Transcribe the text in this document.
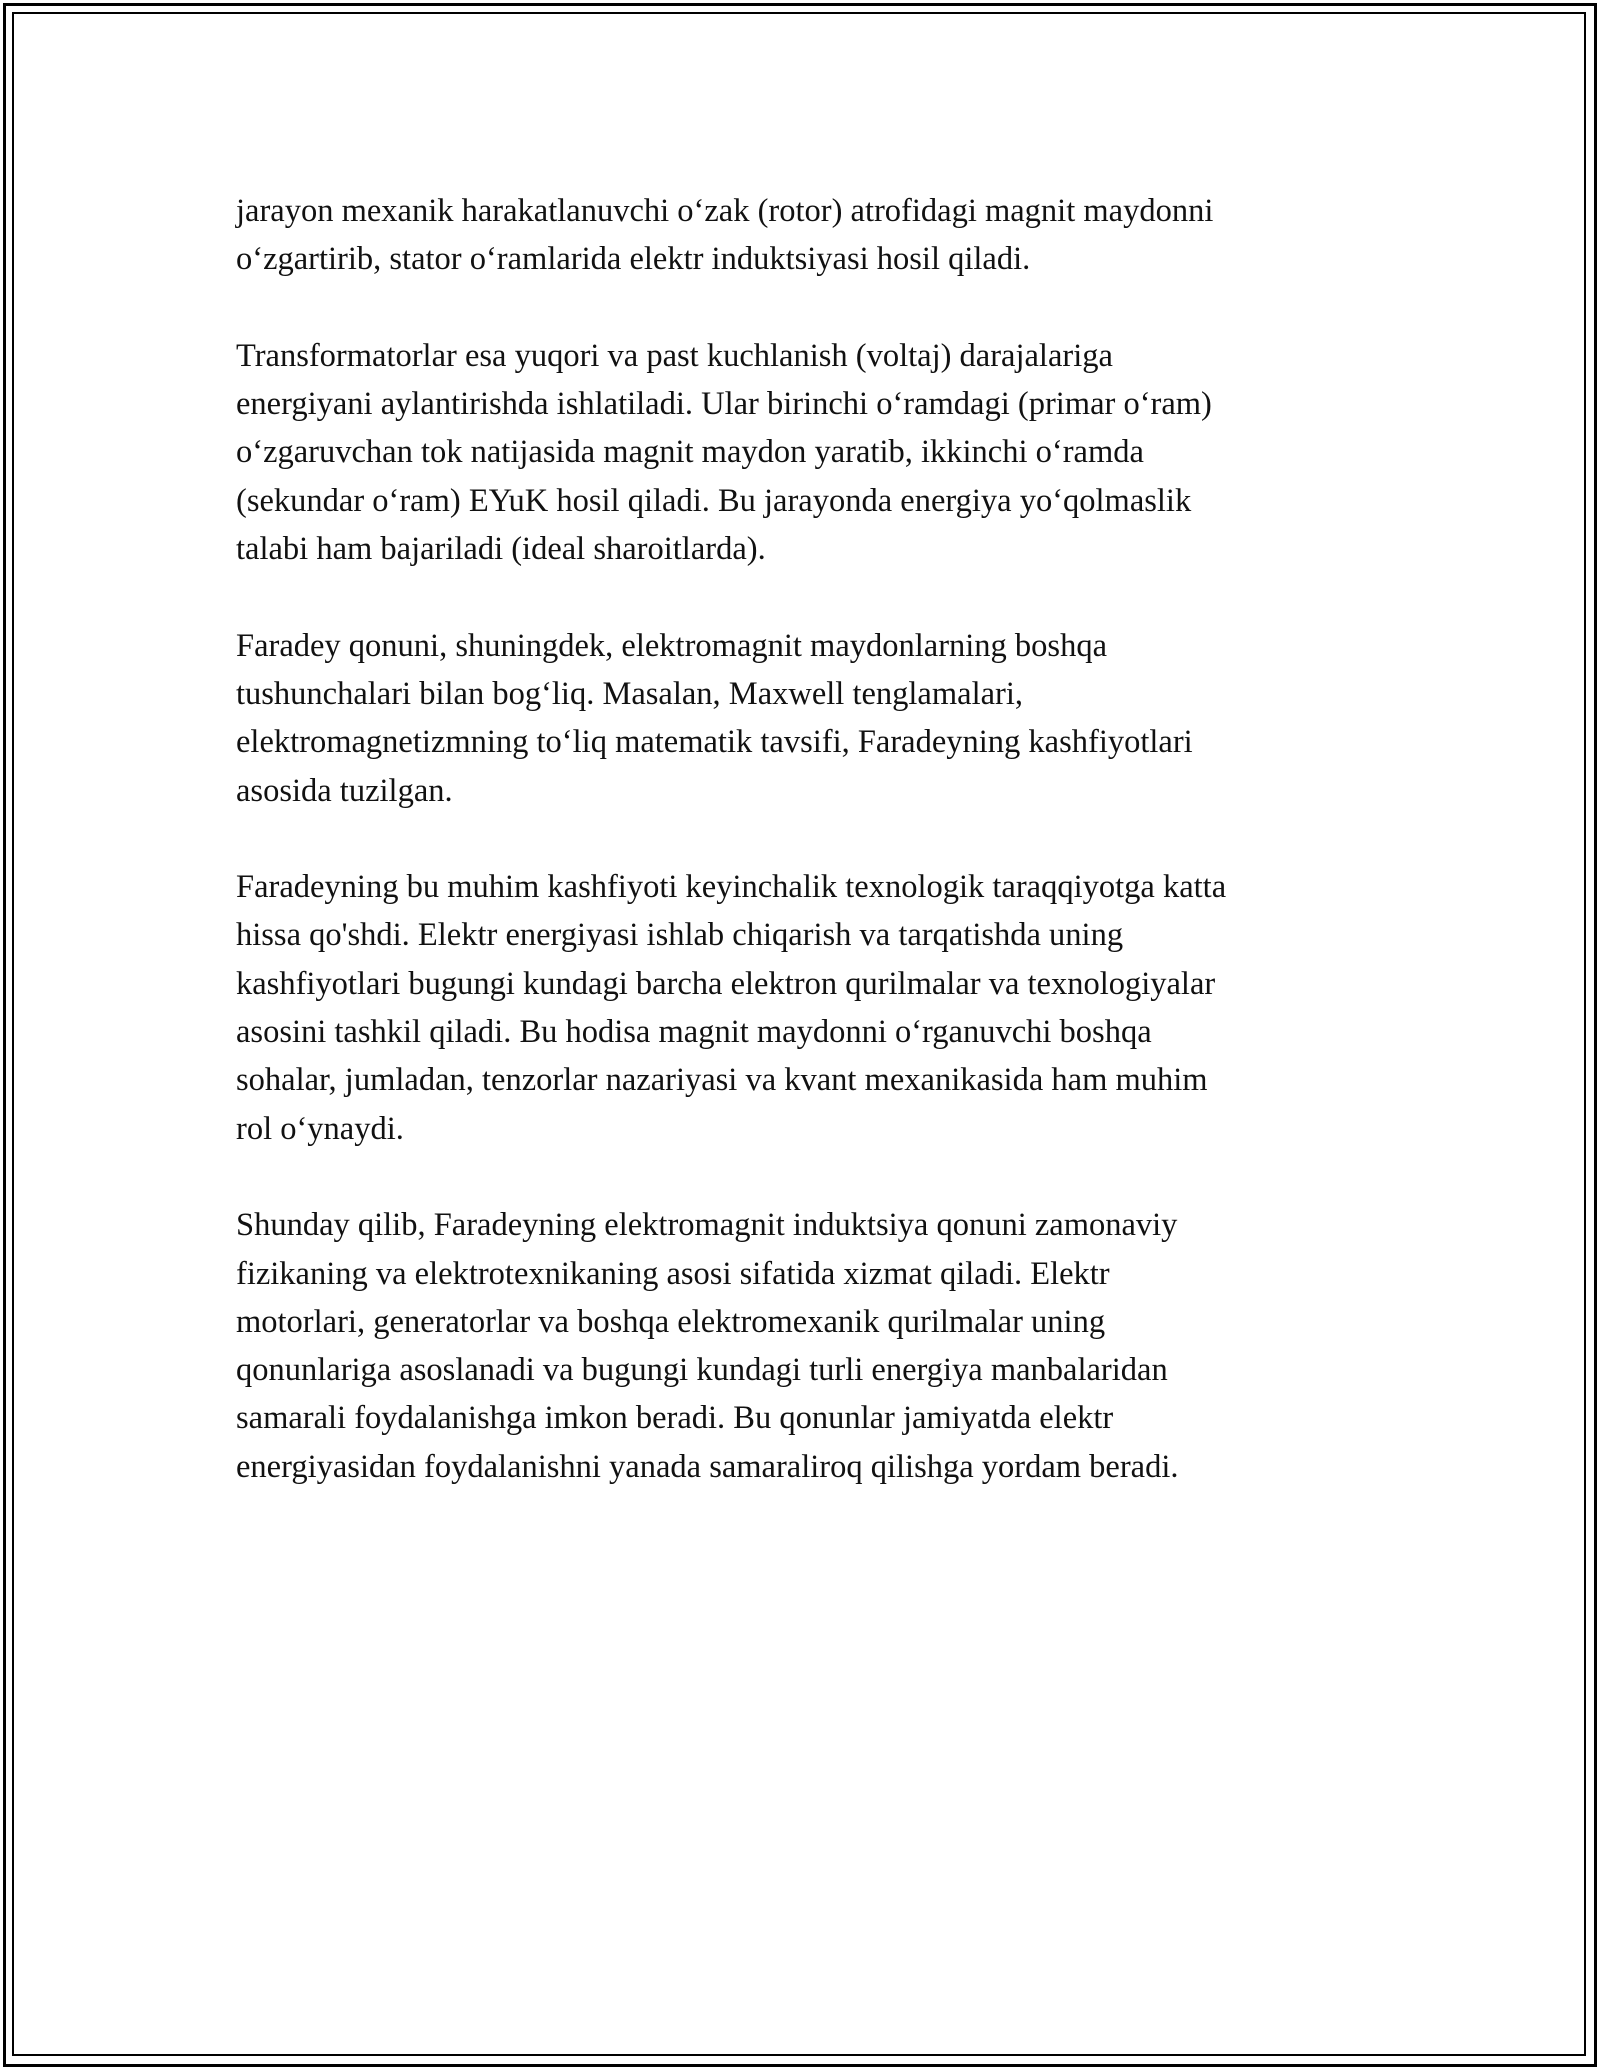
jarayon mexanik harakatlanuvchi o‘zak (rotor) atrofidagi magnit maydonni
o‘zgartirib, stator o‘ramlarida elektr induktsiyasi hosil qiladi.

Transformatorlar esa yuqori va past kuchlanish (voltaj) darajalariga
energiyani aylantirishda ishlatiladi. Ular birinchi o‘ramdagi (primar o‘ram)
o‘zgaruvchan tok natijasida magnit maydon yaratib, ikkinchi o‘ramda
(sekundar o‘ram) EYuK hosil qiladi. Bu jarayonda energiya yo‘qolmaslik
talabi ham bajariladi (ideal sharoitlarda).

Faradey qonuni, shuningdek, elektromagnit maydonlarning boshqa
tushunchalari bilan bog‘liq. Masalan, Maxwell tenglamalari,
elektromagnetizmning to‘liq matematik tavsifi, Faradeyning kashfiyotlari
asosida tuzilgan.

Faradeyning bu muhim kashfiyoti keyinchalik texnologik taraqqiyotga katta
hissa qo'shdi. Elektr energiyasi ishlab chiqarish va tarqatishda uning
kashfiyotlari bugungi kundagi barcha elektron qurilmalar va texnologiyalar
asosini tashkil qiladi. Bu hodisa magnit maydonni o‘rganuvchi boshqa
sohalar, jumladan, tenzorlar nazariyasi va kvant mexanikasida ham muhim
rol o‘ynaydi.

Shunday qilib, Faradeyning elektromagnit induktsiya qonuni zamonaviy
fizikaning va elektrotexnikaning asosi sifatida xizmat qiladi. Elektr
motorlari, generatorlar va boshqa elektromexanik qurilmalar uning
qonunlariga asoslanadi va bugungi kundagi turli energiya manbalaridan
samarali foydalanishga imkon beradi. Bu qonunlar jamiyatda elektr
energiyasidan foydalanishni yanada samaraliroq qilishga yordam beradi.
